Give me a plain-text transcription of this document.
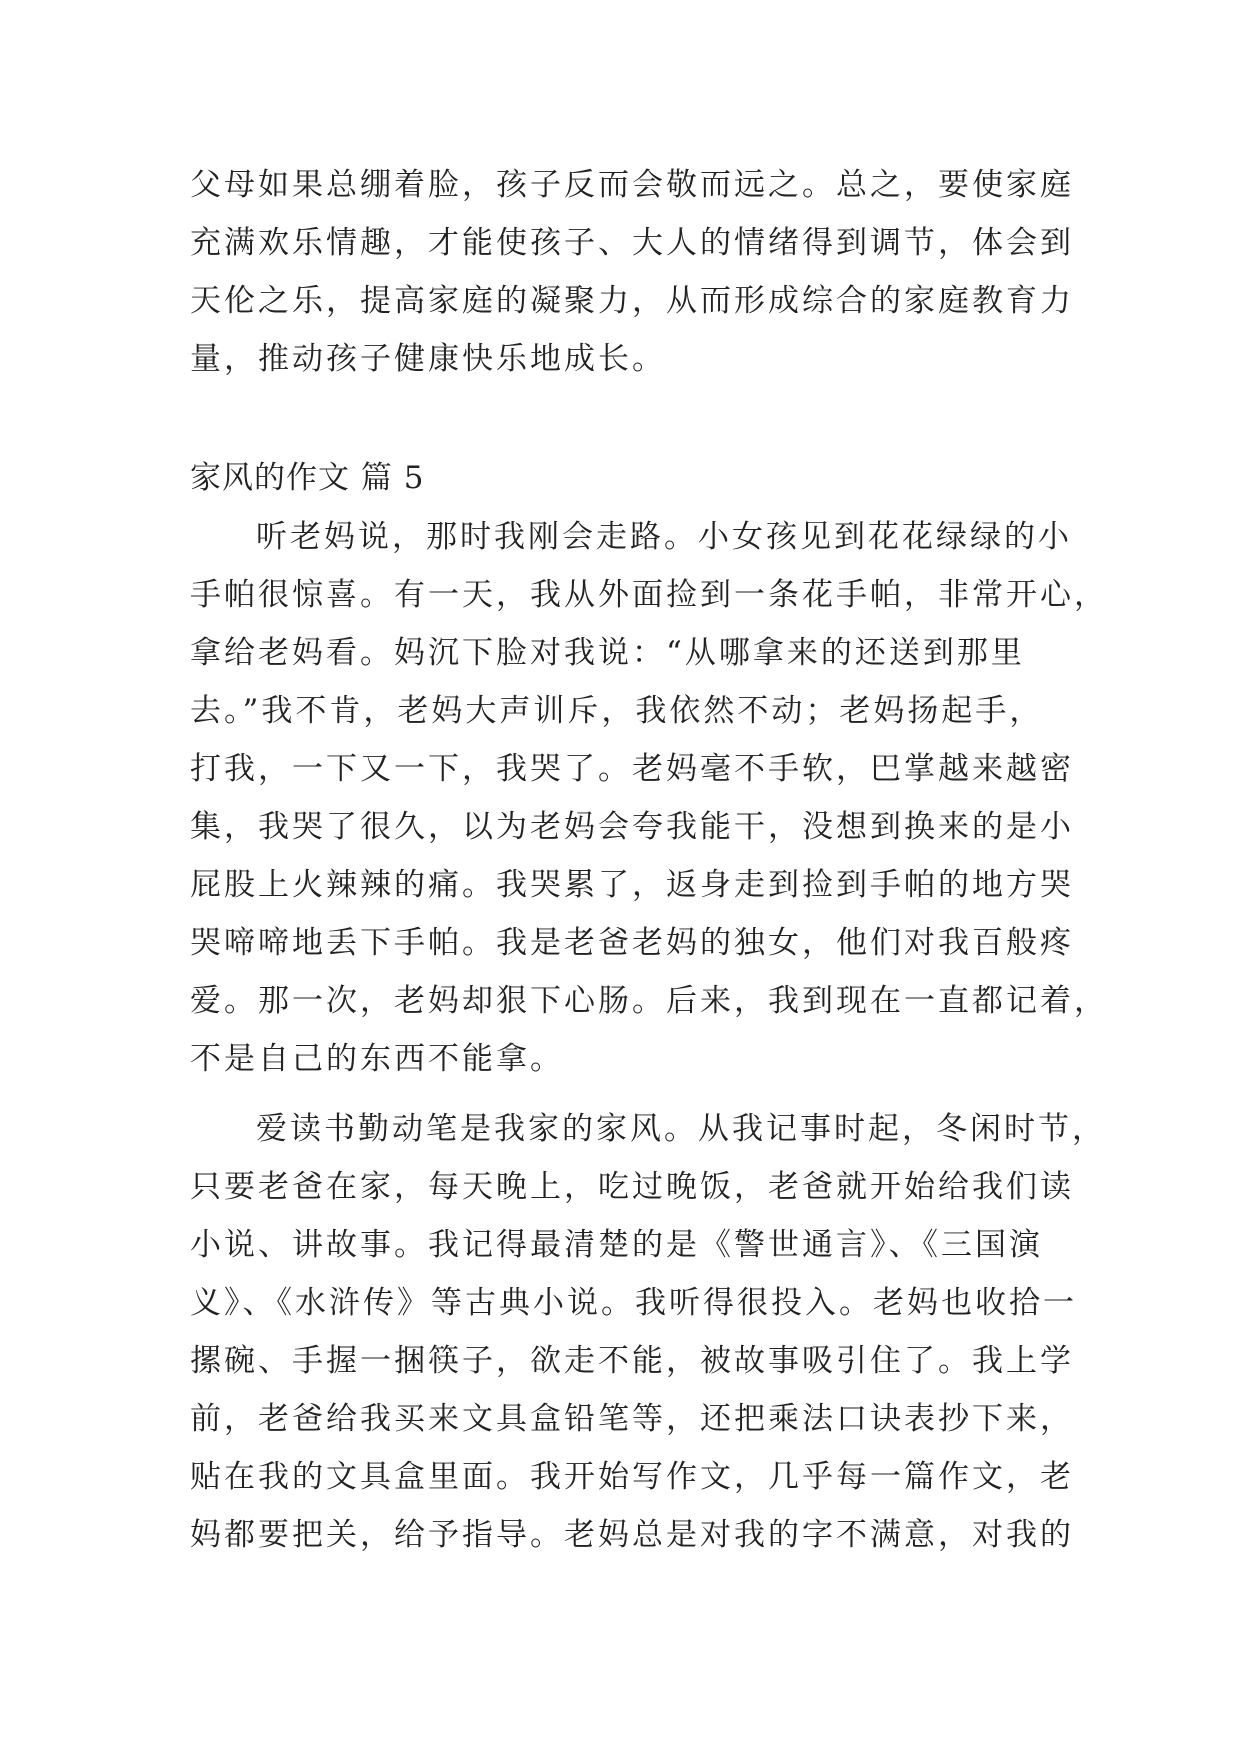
父母如果总绷着脸，孩子反而会敬而远之。总之，要使家庭
充满欢乐情趣，才能使孩子、大人的情绪得到调节，体会到
天伦之乐，提高家庭的凝聚力，从而形成综合的家庭教育力
量，推动孩子健康快乐地成长。
家风的作文 篇 5
听老妈说，那时我刚会走路。小女孩见到花花绿绿的小
手帕很惊喜。有一天，我从外面捡到一条花手帕，非常开心，
拿给老妈看。妈沉下脸对我说：“从哪拿来的还送到那里
去。”我不肯，老妈大声训斥，我依然不动；老妈扬起手，
打我，一下又一下，我哭了。老妈毫不手软，巴掌越来越密
集，我哭了很久，以为老妈会夸我能干，没想到换来的是小
屁股上火辣辣的痛。我哭累了，返身走到捡到手帕的地方哭
哭啼啼地丢下手帕。我是老爸老妈的独女，他们对我百般疼
爱。那一次，老妈却狠下心肠。后来，我到现在一直都记着，
不是自己的东西不能拿。
爱读书勤动笔是我家的家风。从我记事时起，冬闲时节，
只要老爸在家，每天晚上，吃过晚饭，老爸就开始给我们读
小说、讲故事。我记得最清楚的是《警世通言》、《三国演
义》、《水浒传》等古典小说。我听得很投入。老妈也收拾一
摞碗、手握一捆筷子，欲走不能，被故事吸引住了。我上学
前，老爸给我买来文具盒铅笔等，还把乘法口诀表抄下来，
贴在我的文具盒里面。我开始写作文，几乎每一篇作文，老
妈都要把关，给予指导。老妈总是对我的字不满意，对我的
